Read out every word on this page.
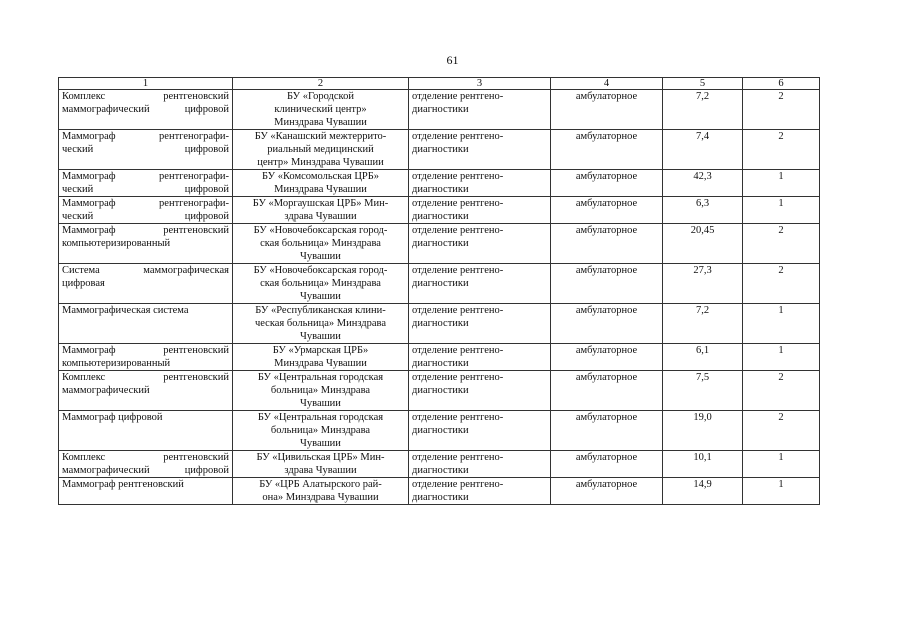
61
1	2	3	4	5	6

Комплекс рентгеновский
маммографический цифровой	БУ «Городской
клинический центр»
Минздрава Чувашии	отделение рентгено-
диагностики	амбулаторное	7,2	2

Маммограф рентгенографи-
ческий цифровой	БУ «Канашский межтеррито-
риальный медицинский
центр» Минздрава Чувашии	отделение рентгено-
диагностики	амбулаторное	7,4	2

Маммограф рентгенографи-
ческий цифровой	БУ «Комсомольская ЦРБ»
Минздрава Чувашии	отделение рентгено-
диагностики	амбулаторное	42,3	1

Маммограф рентгенографи-
ческий цифровой	БУ «Моргаушская ЦРБ» Мин-
здрава Чувашии	отделение рентгено-
диагностики	амбулаторное	6,3	1

Маммограф рентгеновский
компьютеризированный	БУ «Новочебоксарская город-
ская больница» Минздрава
Чувашии	отделение рентгено-
диагностики	амбулаторное	20,45	2

Система маммографическая
цифровая	БУ «Новочебоксарская город-
ская больница» Минздрава
Чувашии	отделение рентгено-
диагностики	амбулаторное	27,3	2

Маммографическая система	БУ «Республиканская клини-
ческая больница» Минздрава
Чувашии	отделение рентгено-
диагностики	амбулаторное	7,2	1

Маммограф рентгеновский
компьютеризированный	БУ «Урмарская ЦРБ»
Минздрава Чувашии	отделение рентгено-
диагностики	амбулаторное	6,1	1

Комплекс рентгеновский
маммографический	БУ «Центральная городская
больница» Минздрава
Чувашии	отделение рентгено-
диагностики	амбулаторное	7,5	2

Маммограф цифровой	БУ «Центральная городская
больница» Минздрава
Чувашии	отделение рентгено-
диагностики	амбулаторное	19,0	2

Комплекс рентгеновский
маммографический цифровой	БУ «Цивильская ЦРБ» Мин-
здрава Чувашии	отделение рентгено-
диагностики	амбулаторное	10,1	1

Маммограф рентгеновский	БУ «ЦРБ Алатырского рай-
она» Минздрава Чувашии	отделение рентгено-
диагностики	амбулаторное	14,9	1
